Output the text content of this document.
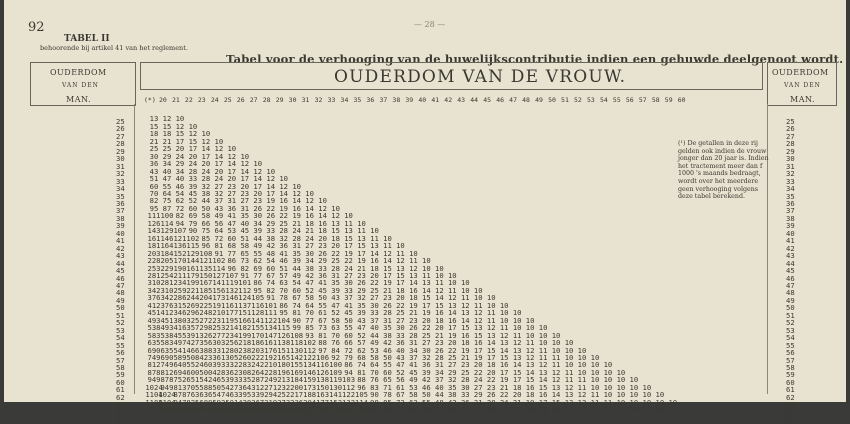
92	— 28 —
TABEL II
behoorende bij artikel 41 van het reglement.
Tabel voor de verhooging van de huwelijkscontributie indien een gehuwde deelgenoot wordt.
OUDERDOM
VAN DEN
MAN.
OUDERDOM VAN DE VROUW.	OUDERDOM
VAN DEN
MAN.
25
26
27
28
29
30
31
32
33
34
35
36
37
38
39
40
41
42
43
44
45
46
47
48
49
50
51
52
53
54
55
56
57
58
59
60
61
62
63
64
65
25
26
27
28
29
30
31
32
33
34
35
36
37
38
39
40
41
42
43
44
45
46
47
48
49
50
51
52
53
54
55
56
57
58
59
60
61
62
63
64
65

13
15
18
21
25
30
36
43
51
60
70
82
95
111
126
143
161
181
203
228
253
281
310
342
376
412
451
493
538
583
635
690
749
812
878
949
1024
1104
1188
1275

12
15
18
21
25
29
34
40
47
55
64
75
87
100
114
129
146
164
184
205
229
254
281
310
342
376
412
451
493
538
583
635
690
749
812
878
949
1024
1104
1188

10
12
15
17
20
24
29
34
40
46
54
62
72
82
94
107
121
136
152
170
190
211
234
259
286
315
346
380
416
455
497
541
589
640
694
752
813
878
947
1020

10
12
15
17
20
24
28
33
39
45
52
60
69
79
90
102
115
129
144
161
179
199
221
244
269
296
325
357
391
427
466
508
552
600
651
705
763
825
890

10
12
14
17
20
24
28
32
38
44
50
58
66
75
85
96
108
121
135
150
167
185
204
225
248
272
298
326
356
388
423
460
500
542
588
636
688
743

10
12
14
17
20
24
27
32
37
43
49
56
64
72
81
91
102
114
127
141
156
173
191
210
231
253
277
303
331
361
393
428
465
505
547
592
640

10
12
14
17
20
23
27
31
36
41
47
53
60
68
77
86
96
107
119
132
146
161
177
195
214
234
256
280
305
332
362
393
427
463
501
542

10
12
14
17
20
23
27
31
35
40
45
51
58
65
73
82
91
101
112
124
137
151
166
182
199
218
238
260
283
308
335
364
395
428
463

10
12
14
17
20
23
26
30
34
39
44
49
55
62
69
77
86
95
105
116
128
141
155
170
186
203
222
242
264
287
312
339
367
398

10
12
14
17
19
22
26
29
33
38
42
48
54
60
67
74
82
91
101
111
122
134
147
161
176
192
210
228
249
271
294
319
346

10
12
14
16
19
22
25
28
32
36
41
46
51
57
63
70
78
86
95
104
115
126
138
151
165
180
196
213
232
252
273
296

10
12
14
16
19
21
24
28
31
35
39
44
49
54
60
67
74
81
90
99
108
118
130
142
155
169
184
200
217
236
256

10
12
14
16
18
21
24
27
30
34
38
42
47
52
58
64
70
77
85
93
102
112
122
134
146
159
173
188
204
221

10
12
14
16
18
20
23
26
29
33
36
41
45
50
55
61
67
73
81
88
97
106
116
126
138
150
163
177
192

10
12
13
15
18
20
22
25
28
31
35
39
43
47
52
58
63
70
76
84
92
100
109
119
130
141
153
166

10
11
13
15
17
19
22
24
27
30
33
37
41
45
50
55
60
66
72
79
86
94
103
112
122
132
143

10
11
13
15
17
19
21
23
26
29
32
35
39
43
47
52
57
62
68
74
81
88
96
105
114
124

10
11
13
14
16
18
20
22
25
27
30
33
37
40
44
49
53
58
64
70
76
83
90
98
107

10
11
12
14
15
17
19
21
23
26
28
31
35
38
42
46
50
55
60
65
71
78
85
92

10
11
12
13
15
17
18
20
22
25
27
30
33
36
40
43
47
52
56
61
67
73
79

10
11
12
13
14
16
18
19
21
23
26
28
31
34
37
41
45
49
53
58
63
68

10
10
11
13
14
15
17
19
20
22
25
27
30
32
36
39
42
46
50
55
59

10
10
11
12
14
15
16
18
20
21
23
26
28
31
34
37
40
44
48
52

10
10
11
12
13
14
16
17
19
20
22
25
27
29
32
35
38
42
45

10
10
11
12
13
14
15
16
18
19
21
23
25
28
30
33
36
39

10
10
11
12
12
13
15
16
17
19
20
22
24
27
29
31
34

10
10
11
11
12
13
14
15
17
18
20
22
23
26
28
30

10
10
10
11
12
13
14
15
16
17
19
21
22
24
26

10
10
10
11
12
13
13
14
15
17
18
20
21
23

10
10
10
11
12
12
13
14
15
16
18
19
20

10
10
10
11
11
12
13
14
15
16
17
18

10
10
10
11
11
12
12
13
14
15
16

10
10
10
10
11
11
12
13
13
14

10
10
10
10
11
11
12
12
13

10
10
10
10
10
11
11
12

10
10
10
10
10
11
11

10
10
10
10
10
10

10
10
10
10
10

10
10
10
10

10
10
10

10
10

10
(¹) De getallen in deze rij gelden ook indien de vrouw jonger dan 20 jaar is. Indien het tractement meer dan f 1000 's maands bedraagt, wordt over het meerdere geen verhooging volgens deze tabel berekend.
(*) 20 21 22 23 24 25 26 27 28 29 30 31 32 33 34 35 36 37 38 39 40 41 42 43 44 45 46 47 48 49 50 51 52 53 54 55 56 57 58 59 60
